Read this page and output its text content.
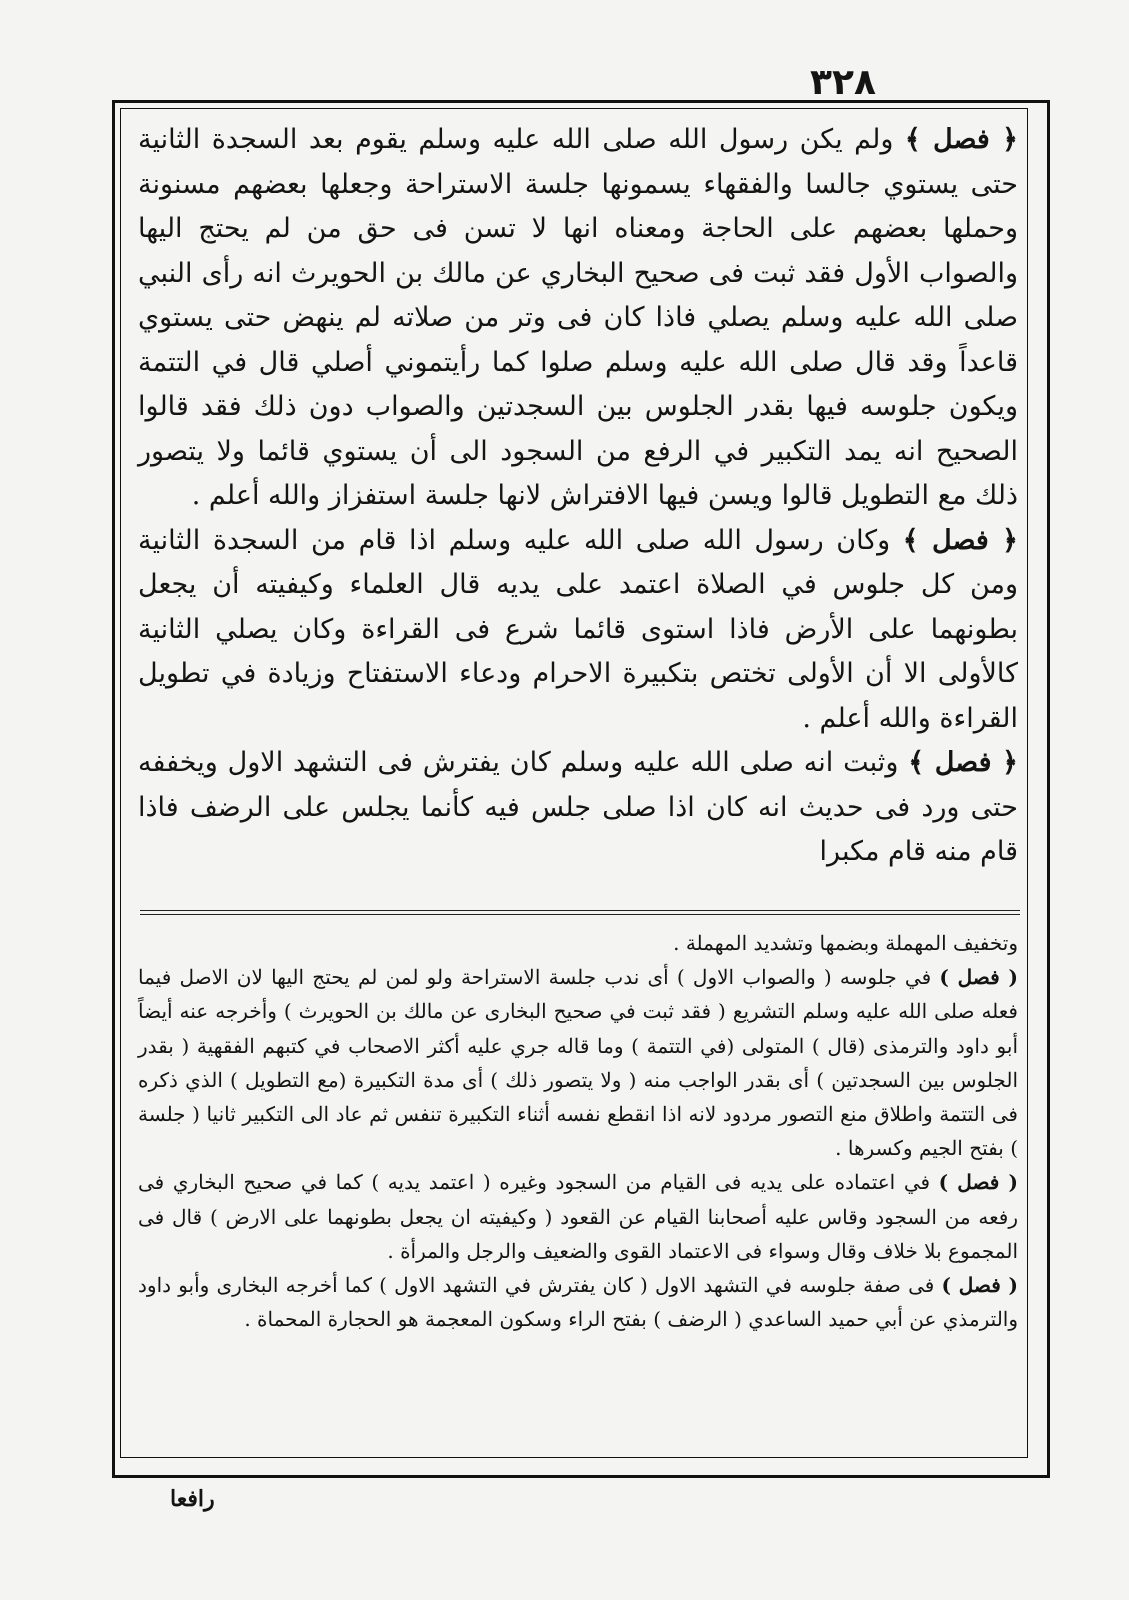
٣٢٨

﴿ فصل ﴾ ولم يكن رسول الله صلى الله عليه وسلم يقوم بعد السجدة الثانية حتى يستوي جالسا والفقهاء يسمونها جلسة الاستراحة وجعلها بعضهم مسنونة وحملها بعضهم على الحاجة ومعناه انها لا تسن فى حق من لم يحتج اليها والصواب الأول فقد ثبت فى صحيح البخاري عن مالك بن الحويرث انه رأى النبي صلى الله عليه وسلم يصلي فاذا كان فى وتر من صلاته لم ينهض حتى يستوي قاعداً وقد قال صلى الله عليه وسلم صلوا كما رأيتموني أصلي قال في التتمة ويكون جلوسه فيها بقدر الجلوس بين السجدتين والصواب دون ذلك فقد قالوا الصحيح انه يمد التكبير في الرفع من السجود الى أن يستوي قائما ولا يتصور ذلك مع التطويل قالوا ويسن فيها الافتراش لانها جلسة استفزاز والله أعلم .

﴿ فصل ﴾ وكان رسول الله صلى الله عليه وسلم اذا قام من السجدة الثانية ومن كل جلوس في الصلاة اعتمد على يديه قال العلماء وكيفيته أن يجعل بطونهما على الأرض فاذا استوى قائما شرع فى القراءة وكان يصلي الثانية كالأولى الا أن الأولى تختص بتكبيرة الاحرام ودعاء الاستفتاح وزيادة في تطويل القراءة والله أعلم .

﴿ فصل ﴾ وثبت انه صلى الله عليه وسلم كان يفترش فى التشهد الاول ويخففه حتى ورد فى حديث انه كان اذا صلى جلس فيه كأنما يجلس على الرضف فاذا قام منه قام مكبرا

وتخفيف المهملة وبضمها وتشديد المهملة .

( فصل ) في جلوسه ( والصواب الاول ) أى ندب جلسة الاستراحة ولو لمن لم يحتج اليها لان الاصل فيما فعله صلى الله عليه وسلم التشريع ( فقد ثبت في صحيح البخارى عن مالك بن الحويرث ) وأخرجه عنه أيضاً أبو داود والترمذى (قال ) المتولى (في التتمة ) وما قاله جري عليه أكثر الاصحاب في كتبهم الفقهية ( بقدر الجلوس بين السجدتين ) أى بقدر الواجب منه ( ولا يتصور ذلك ) أى مدة التكبيرة (مع التطويل ) الذي ذكره فى التتمة واطلاق منع التصور مردود لانه اذا انقطع نفسه أثناء التكبيرة تنفس ثم عاد الى التكبير ثانيا ( جلسة ) بفتح الجيم وكسرها .

( فصل ) في اعتماده على يديه فى القيام من السجود وغيره ( اعتمد يديه ) كما في صحيح البخاري فى رفعه من السجود وقاس عليه أصحابنا القيام عن القعود ( وكيفيته ان يجعل بطونهما على الارض ) قال فى المجموع بلا خلاف وقال وسواء فى الاعتماد القوى والضعيف والرجل والمرأة .

( فصل ) فى صفة جلوسه في التشهد الاول ( كان يفترش في التشهد الاول ) كما أخرجه البخارى وأبو داود والترمذي عن أبي حميد الساعدي ( الرضف ) بفتح الراء وسكون المعجمة هو الحجارة المحماة .

رافعا
